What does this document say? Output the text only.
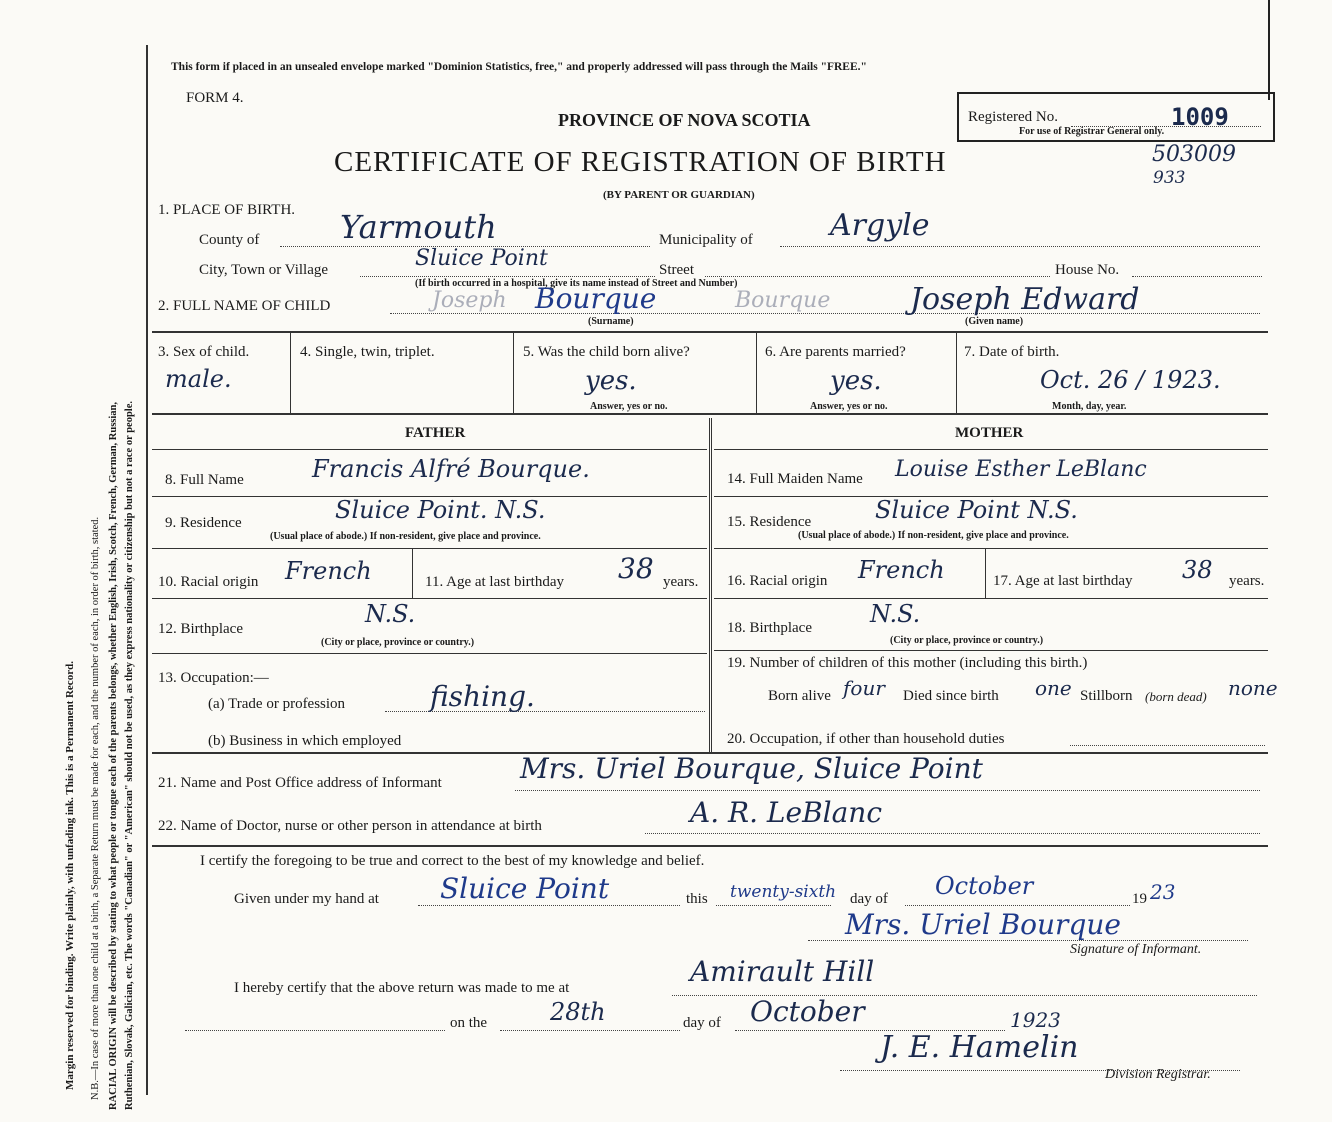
Margin reserved for binding. Write plainly, with unfading ink. This is a Permanent Record. N.B.—In case of more than one child at a birth, a Separate Return must be made for each, and the number of each, in order of birth, stated. RACIAL ORIGIN will be described by stating to what people or tongue each of the parents belongs, whether English, Irish, Scotch, French, German, Russian, Ruthenian, Slovak, Galician, etc. The words "Canadian" or "American" should not be used, as they express nationality or citizenship but not a race or people.
This form if placed in an unsealed envelope marked "Dominion Statistics, free," and properly addressed will pass through the Mails "FREE."
FORM 4.
PROVINCE OF NOVA SCOTIA
CERTIFICATE OF REGISTRATION OF BIRTH
(BY PARENT OR GUARDIAN)
Registered No.	1009
For use of Registrar General only.
503009
933
1. PLACE OF BIRTH.
County of	Yarmouth	Municipality of	Argyle
City, Town or Village	Sluice Point	Street	House No.
(If birth occurred in a hospital, give its name instead of Street and Number)
2. FULL NAME OF CHILD	Joseph Bourque	Bourque	Joseph Edward
(Surname)	(Given name)
3. Sex of child.
male.
4. Single, twin, triplet.	5. Was the child born alive?
yes.
Answer, yes or no.
6. Are parents married?
yes.
Answer, yes or no.
7. Date of birth.
Oct. 26 / 1923.
Month, day, year.
FATHER
8. Full Name	Francis Alfré Bourque.
9. Residence	Sluice Point. N.S.
(Usual place of abode.) If non-resident, give place and province.
10. Racial origin French	11. Age at last birthday 38 years.
12. Birthplace
N.S.
(City or place, province or country.)
13. Occupation:—
(a) Trade or profession	fishing.
(b) Business in which employed
MOTHER
14. Full Maiden Name Louise Esther LeBlanc
15. Residence	Sluice Point N.S.
(Usual place of abode.) If non-resident, give place and province.
16. Racial origin French	17. Age at last birthday 38 years.
18. Birthplace N.S.
(City or place, province or country.)
19. Number of children of this mother (including this birth.)
Born alive four Died since birth one Stillborn (born dead) none
20. Occupation, if other than household duties
21. Name and Post Office address of Informant	Mrs. Uriel Bourque, Sluice Point
22. Name of Doctor, nurse or other person in attendance at birth	A. R. LeBlanc
I certify the foregoing to be true and correct to the best of my knowledge and belief.
Given under my hand at Sluice Point	this twenty-sixth day of October	19 23
Mrs. Uriel Bourque
Signature of Informant.
I hereby certify that the above return was made to me at	Amirault Hill
on the	28th	day of October	1923
J. E. Hamelin
Division Registrar.
